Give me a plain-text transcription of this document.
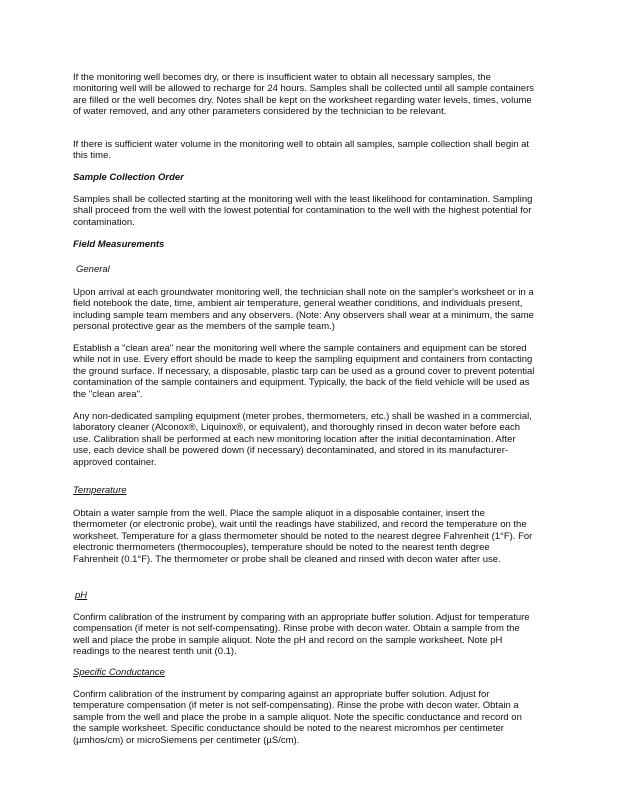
If the monitoring well becomes dry, or there is insufficient water to obtain all necessary samples, the monitoring well will be allowed to recharge for 24 hours. Samples shall be collected until all sample containers are filled or the well becomes dry. Notes shall be kept on the worksheet regarding water levels, times, volume of water removed, and any other parameters considered by the technician to be relevant.

If there is sufficient water volume in the monitoring well to obtain all samples, sample collection shall begin at this time.

Sample Collection Order

Samples shall be collected starting at the monitoring well with the least likelihood for contamination. Sampling shall proceed from the well with the lowest potential for contamination to the well with the highest potential for contamination.

Field Measurements

General

Upon arrival at each groundwater monitoring well, the technician shall note on the sampler's worksheet or in a field notebook the date, time, ambient air temperature, general weather conditions, and individuals present, including sample team members and any observers. (Note: Any observers shall wear at a minimum, the same personal protective gear as the members of the sample team.)

Establish a "clean area" near the monitoring well where the sample containers and equipment can be stored while not in use. Every effort should be made to keep the sampling equipment and containers from contacting the ground surface. If necessary, a disposable, plastic tarp can be used as a ground cover to prevent potential contamination of the sample containers and equipment. Typically, the back of the field vehicle will be used as the "clean area".

Any non-dedicated sampling equipment (meter probes, thermometers, etc.) shall be washed in a commercial, laboratory cleaner (Alconox®, Liquinox®, or equivalent), and thoroughly rinsed in decon water before each use. Calibration shall be performed at each new monitoring location after the initial decontamination. After use, each device shall be powered down (if necessary) decontaminated, and stored in its manufacturer-approved container.

Temperature

Obtain a water sample from the well. Place the sample aliquot in a disposable container, insert the thermometer (or electronic probe), wait until the readings have stabilized, and record the temperature on the worksheet. Temperature for a glass thermometer should be noted to the nearest degree Fahrenheit (1°F). For electronic thermometers (thermocouples), temperature should be noted to the nearest tenth degree Fahrenheit (0.1°F). The thermometer or probe shall be cleaned and rinsed with decon water after use.

pH

Confirm calibration of the instrument by comparing with an appropriate buffer solution. Adjust for temperature compensation (if meter is not self-compensating). Rinse probe with decon water. Obtain a sample from the well and place the probe in sample aliquot. Note the pH and record on the sample worksheet. Note pH readings to the nearest tenth unit (0.1).

Specific Conductance

Confirm calibration of the instrument by comparing against an appropriate buffer solution. Adjust for temperature compensation (if meter is not self-compensating). Rinse the probe with decon water. Obtain a sample from the well and place the probe in a sample aliquot. Note the specific conductance and record on the sample worksheet. Specific conductance should be noted to the nearest micromhos per centimeter (µmhos/cm) or microSiemens per centimeter (µS/cm).
